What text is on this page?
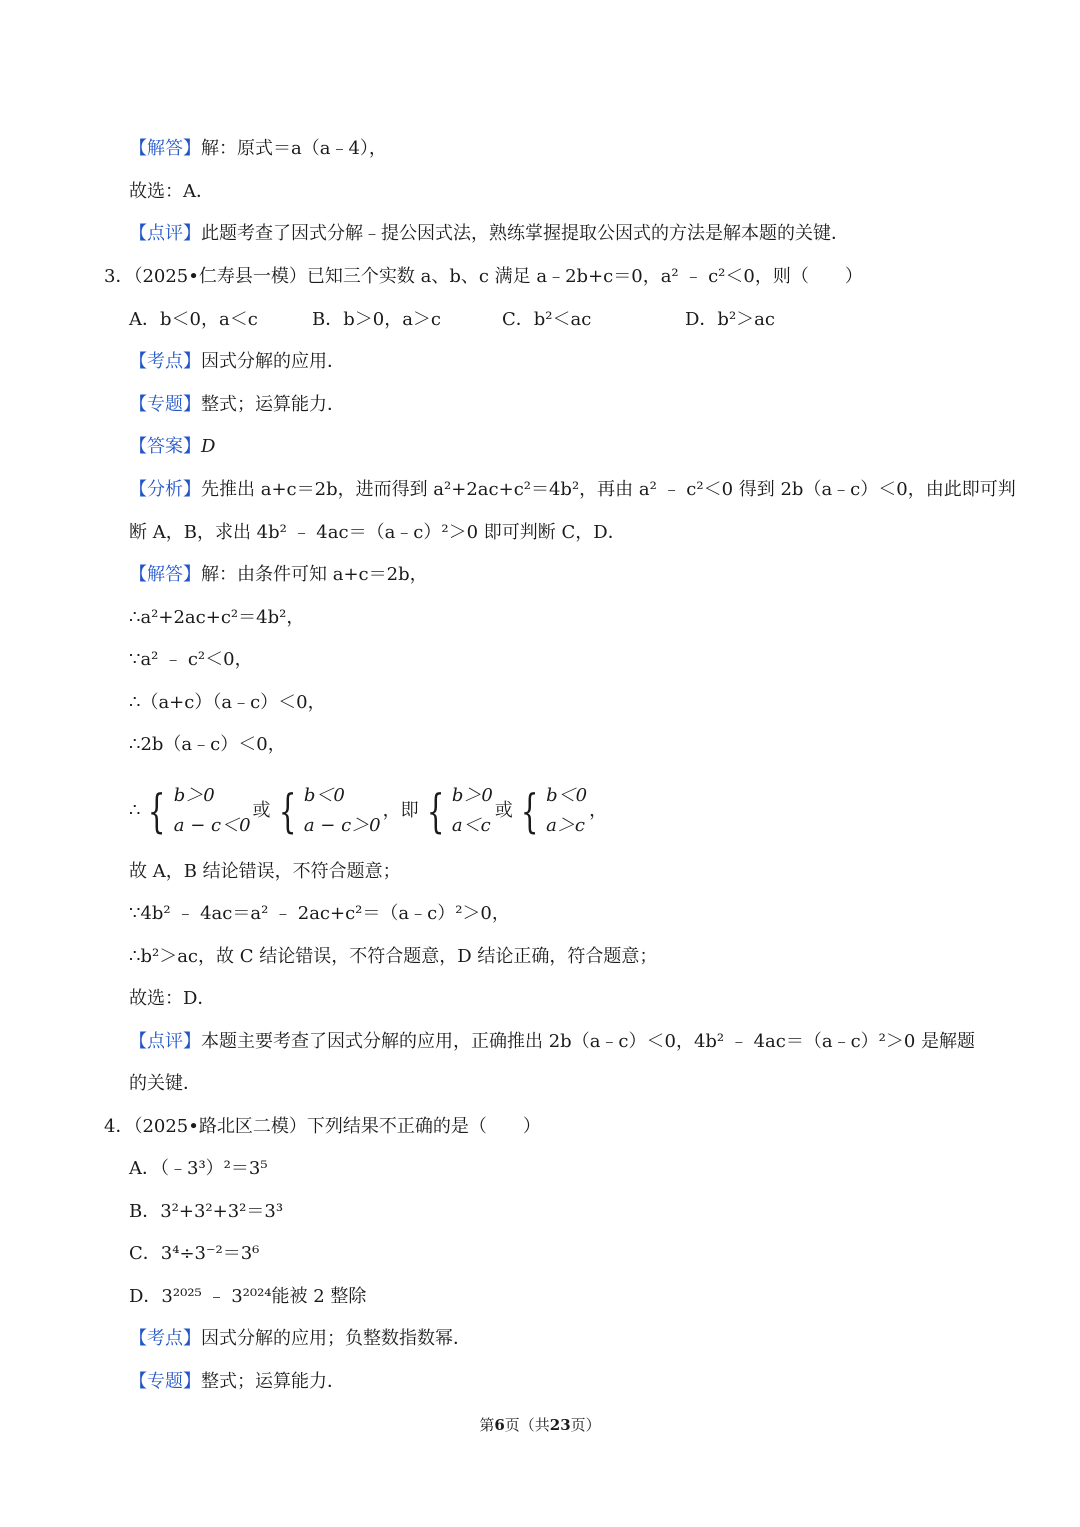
【解答】解：原式＝a（a﹣4），
故选：A．
【点评】此题考查了因式分解﹣提公因式法，熟练掌握提取公因式的方法是解本题的关键．
3．（2025•仁寿县一模）已知三个实数 a、b、c 满足 a﹣2b+c＝0，a² ﹣ c²＜0，则（　　）
A．b＜0，a＜c	B．b＞0，a＞c	C．b²＜ac	D．b²＞ac
【考点】因式分解的应用．
【专题】整式；运算能力．
【答案】D
【分析】先推出 a+c＝2b，进而得到 a²+2ac+c²＝4b²，再由 a² ﹣ c²＜0 得到 2b（a﹣c）＜0，由此即可判
断 A，B，求出 4b² ﹣ 4ac＝（a﹣c）²＞0 即可判断 C，D．
【解答】解：由条件可知 a+c＝2b，
∴a²+2ac+c²＝4b²，
∵a² ﹣ c²＜0，
∴（a+c）（a﹣c）＜0，
∴2b（a﹣c）＜0，
∴ { b＞0
a − c＜0
或 { b＜0
a − c＞0
，即 { b＞0
a＜c
或 { b＜0
a＞c
，
故 A，B 结论错误，不符合题意；
∵4b² ﹣ 4ac＝a² ﹣ 2ac+c²＝（a﹣c）²＞0，
∴b²＞ac，故 C 结论错误，不符合题意，D 结论正确，符合题意；
故选：D．
【点评】本题主要考查了因式分解的应用，正确推出 2b（a﹣c）＜0，4b² ﹣ 4ac＝（a﹣c）²＞0 是解题
的关键．
4．（2025•路北区二模）下列结果不正确的是（　　）
A．（﹣3³）²＝3⁵
B．3²+3²+3²＝3³
C．3⁴÷3⁻²＝3⁶
D．3²⁰²⁵ ﹣ 3²⁰²⁴能被 2 整除
【考点】因式分解的应用；负整数指数幂．
【专题】整式；运算能力．
第6页（共23页）
